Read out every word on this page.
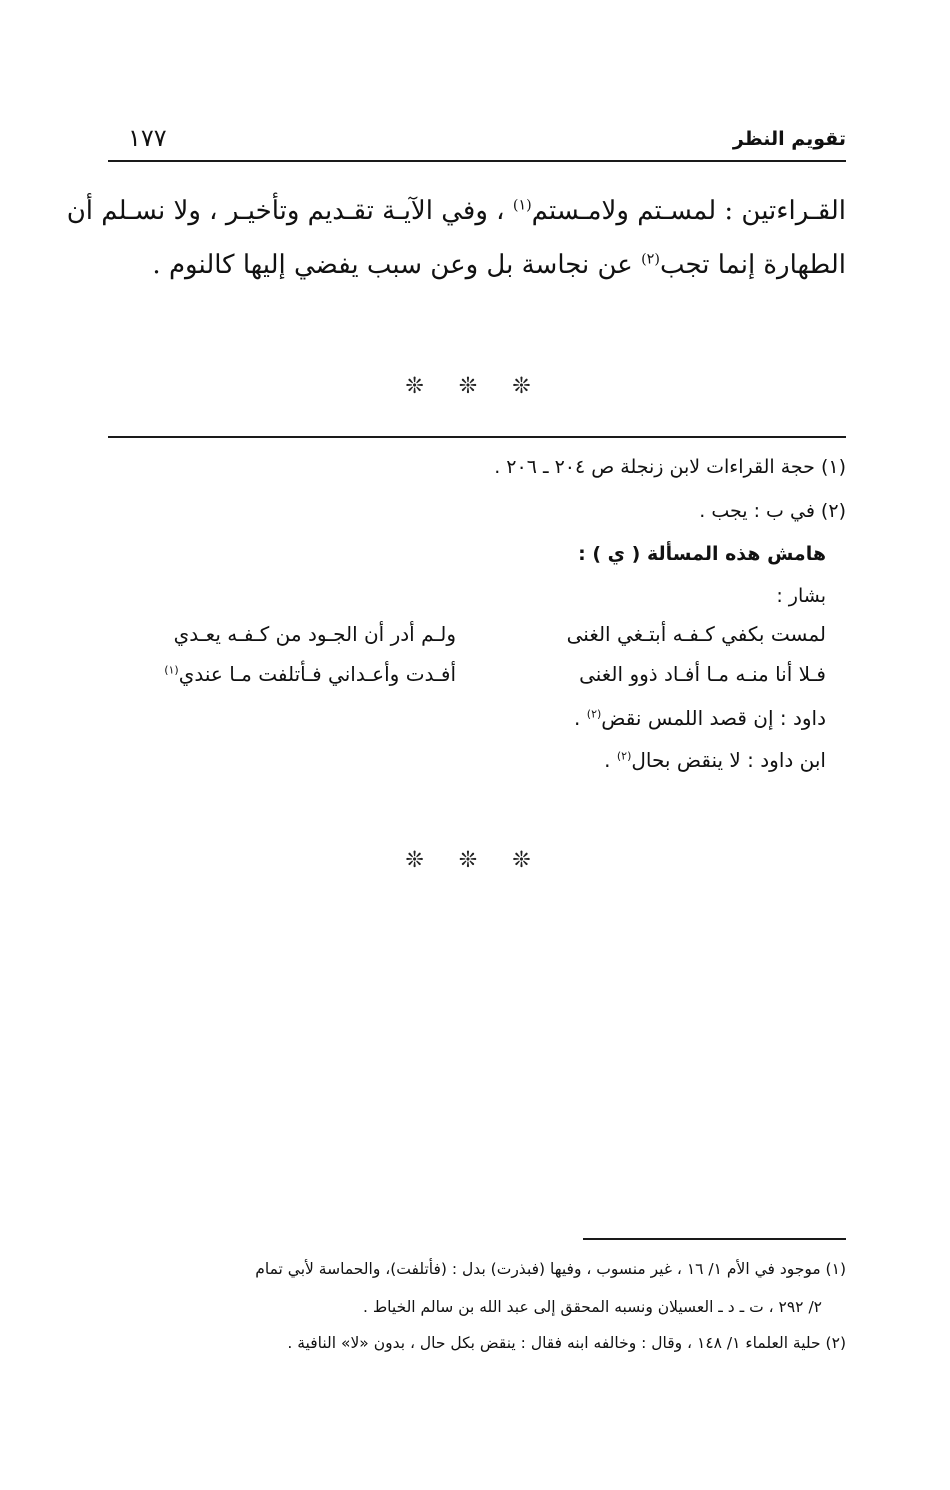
تقويم النظر
١٧٧
القـراءتين : لمسـتم ولامـستم$^{(١)}$ ، وفي الآيـة تقـديم وتأخيـر ، ولا نسـلم أن
الطهارة إنما تجب$^{(٢)}$ عن نجاسة بل وعن سبب يفضي إليها كالنوم .
❊ ❊ ❊
(١) حجة القراءات لابن زنجلة ص ٢٠٤ ـ ٢٠٦ .
(٢) في ب : يجب .
هامش هذه المسألة ( ي ) :
بشار :
لمست بكفي كـفـه أبتـغي الغنى
ولـم أدر أن الجـود من كـفـه يعـدي
فـلا أنا منـه مـا أفـاد ذوو الغنى
أفـدت وأعـداني فـأتلفت مـا عندي$^{(١)}$
داود : إن قصد اللمس نقض$^{(٢)}$ .
ابن داود : لا ينقض بحال$^{(٢)}$ .
❊ ❊ ❊
(١) موجود في الأم ١/ ١٦ ، غير منسوب ، وفيها (فبذرت) بدل : (فأتلفت)، والحماسة لأبي تمام
٢/ ٢٩٢ ، ت ـ د ـ العسيلان ونسبه المحقق إلى عبد الله بن سالم الخياط .
(٢) حلية العلماء ١/ ١٤٨ ، وقال : وخالفه ابنه فقال : ينقض بكل حال ، بدون «لا» النافية .
